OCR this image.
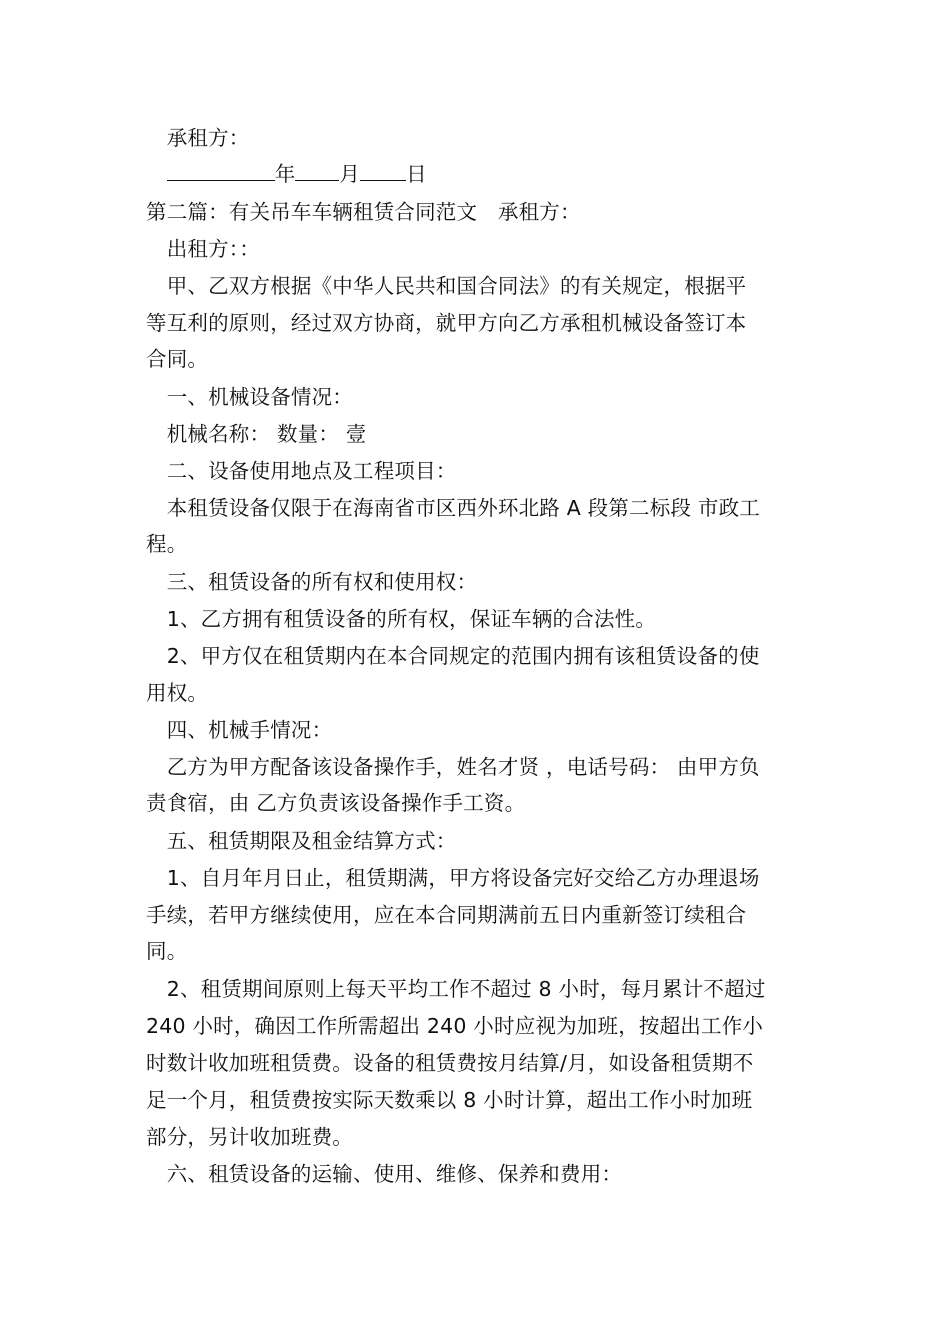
　承租方：
　年 月 日
第二篇：有关吊车车辆租赁合同范文　承租方：
　出租方：：
　甲、乙双方根据《中华人民共和国合同法》的有关规定，根据平
等互利的原则，经过双方协商，就甲方向乙方承租机械设备签订本
合同。
　一、机械设备情况：
　机械名称： 数量： 壹
　二、设备使用地点及工程项目：
　本租赁设备仅限于在海南省市区西外环北路 A 段第二标段 市政工
程。
　三、租赁设备的所有权和使用权：
　1、乙方拥有租赁设备的所有权，保证车辆的合法性。
　2、甲方仅在租赁期内在本合同规定的范围内拥有该租赁设备的使
用权。
　四、机械手情况：
　乙方为甲方配备该设备操作手，姓名才贤 ，电话号码： 由甲方负
责食宿，由 乙方负责该设备操作手工资。
　五、租赁期限及租金结算方式：
　1、自月年月日止，租赁期满，甲方将设备完好交给乙方办理退场
手续，若甲方继续使用，应在本合同期满前五日内重新签订续租合
同。
　2、租赁期间原则上每天平均工作不超过 8 小时，每月累计不超过
240 小时，确因工作所需超出 240 小时应视为加班，按超出工作小
时数计收加班租赁费。设备的租赁费按月结算/月，如设备租赁期不
足一个月，租赁费按实际天数乘以 8 小时计算，超出工作小时加班
部分，另计收加班费。
　六、租赁设备的运输、使用、维修、保养和费用：
